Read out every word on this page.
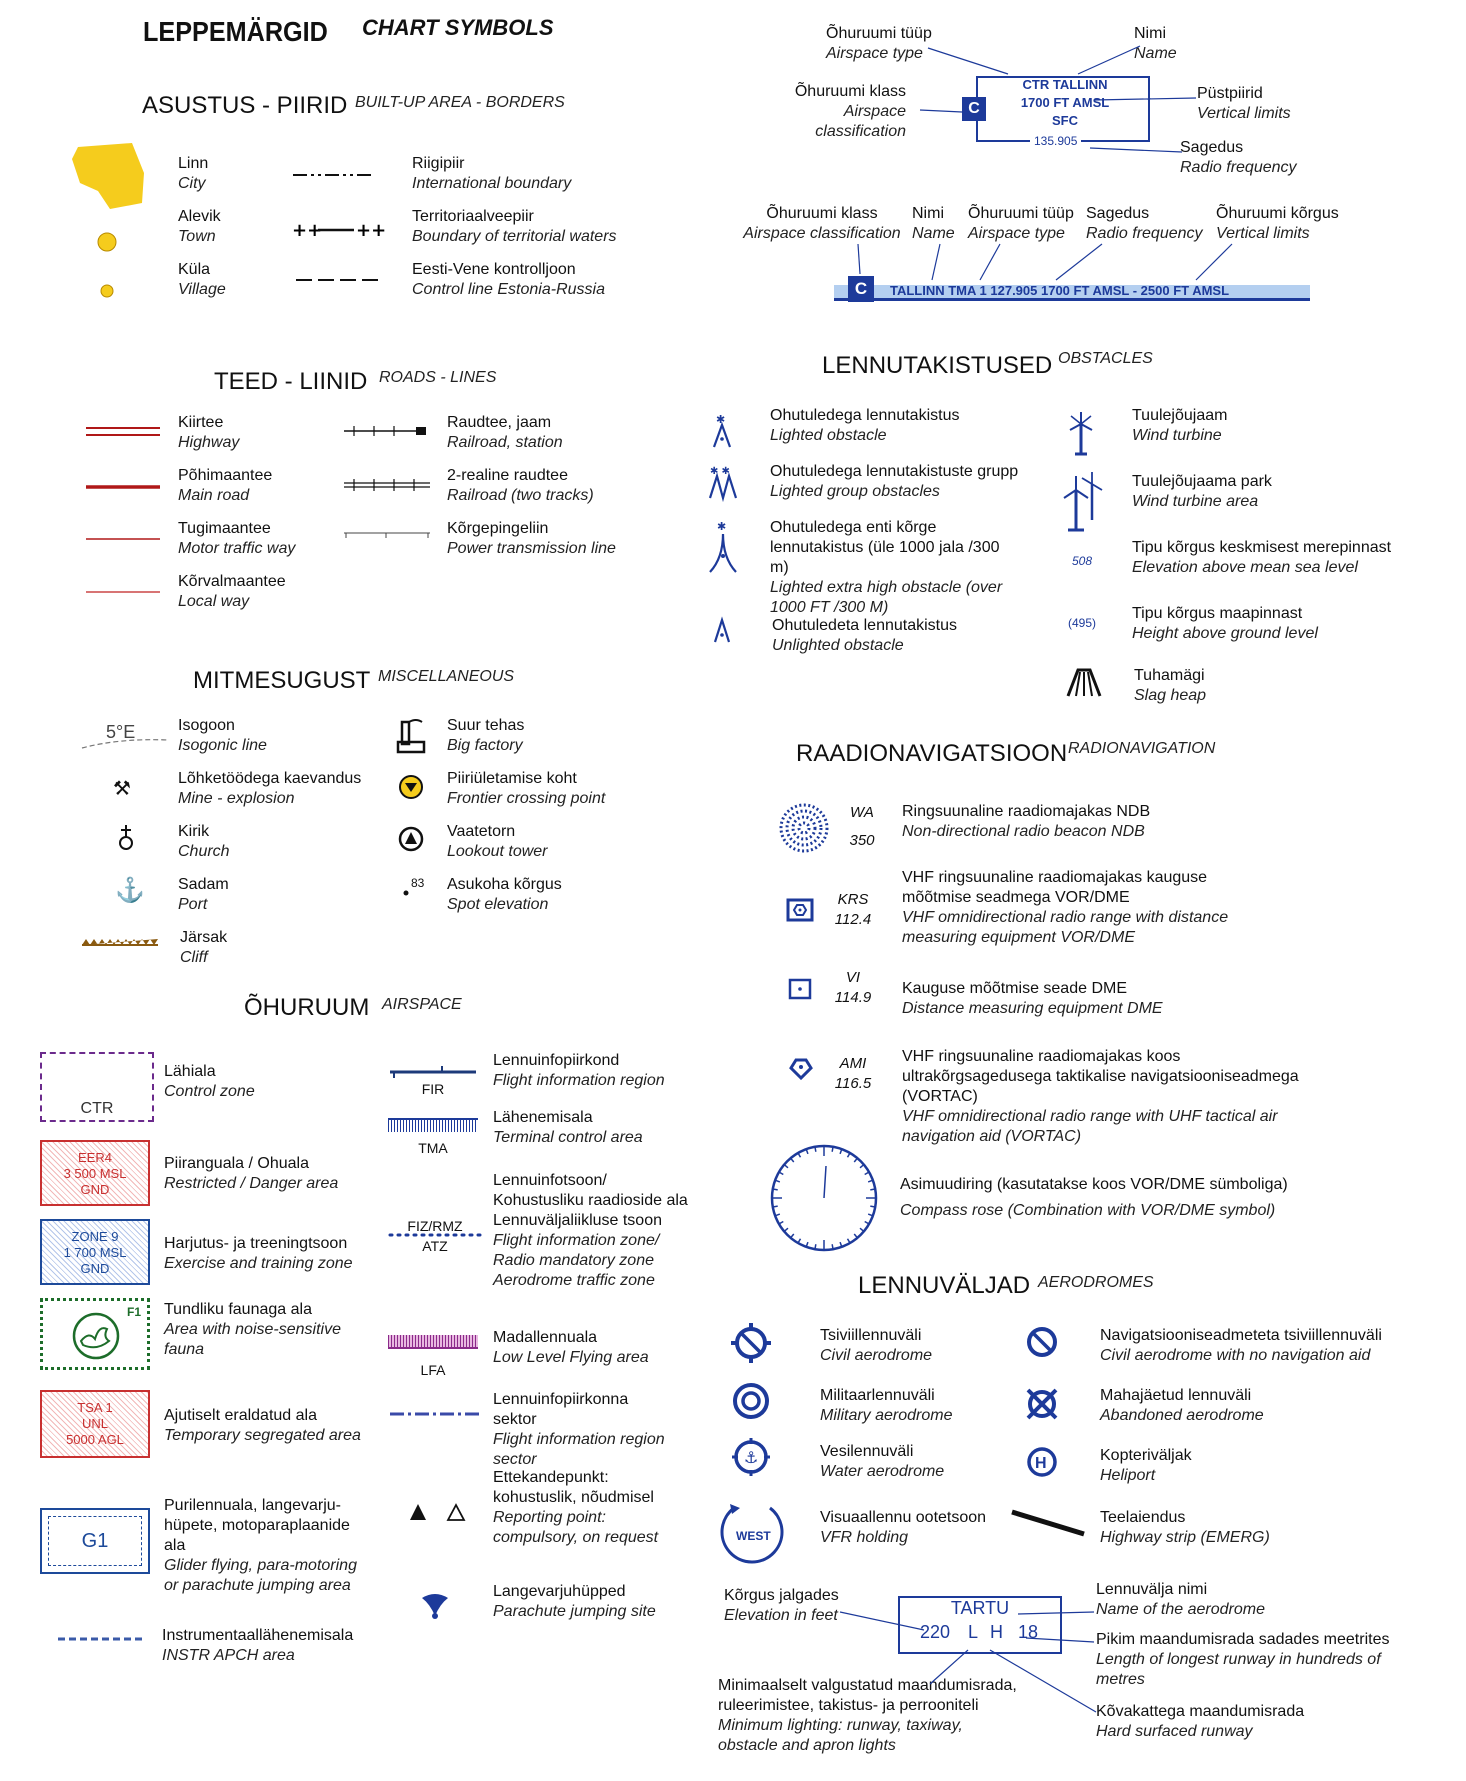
LEPPEMÄRGID CHART SYMBOLS
ASUSTUS - PIIRID BUILT-UP AREA - BORDERS
Linn
City
Alevik
Town
Küla
Village
++ ++
Riigipiir
International boundary
Territoriaalveepiir
Boundary of territorial waters
Eesti-Vene kontrolljoon
Control line Estonia-Russia
TEED - LIINID ROADS - LINES
Kiirtee
Highway
Põhimaantee
Main road
Tugimaantee
Motor traffic way
Kõrvalmaantee
Local way
Raudtee, jaam
Railroad, station
2-realine raudtee
Railroad (two tracks)
Kõrgepingeliin
Power transmission line
MITMESUGUST MISCELLANEOUS
5°E
⚒
⚓
Isogoon
Isogonic line
Lõhketöödega kaevandus
Mine - explosion
Kirik
Church
Sadam
Port
Järsak
Cliff
83
Suur tehas
Big factory
Piiriületamise koht
Frontier crossing point
Vaatetorn
Lookout tower
Asukoha kõrgus
Spot elevation
ÕHURUUM AIRSPACE
CTR
EER4
3 500 MSL
GND
ZONE 9
1 700 MSL
GND
F1
TSA 1
UNL
5000 AGL
G1
Lähiala
Control zone
Piiranguala / Ohuala
Restricted / Danger area
Harjutus- ja treeningtsoon
Exercise and training zone
Tundliku faunaga ala
Area with noise-sensitive fauna
Ajutiselt eraldatud ala
Temporary segregated area
Purilennuala, langevarju-hüpete, motoparaplaanide ala
Glider flying, para-motoring or parachute jumping area
Instrumentaallähenemisala
INSTR APCH area
FIR
TMA
FIZ/RMZ
ATZ
LFA
Lennuinfopiirkond
Flight information region
Lähenemisala
Terminal control area
Lennuinfotsoon/ Kohustusliku raadioside ala Lennuväljaliikluse tsoon
Flight information zone/ Radio mandatory zone Aerodrome traffic zone
Madallennuala
Low Level Flying area
Lennuinfopiirkonna sektor
Flight information region sector
Ettekandepunkt: kohustuslik, nõudmisel
Reporting point: compulsory, on request
Langevarjuhüpped
Parachute jumping site
Õhuruumi tüüp
Airspace type
Nimi
Name
Õhuruumi klass
Airspace classification
Püstpiirid
Vertical limits
Sagedus
Radio frequency
C
CTR TALLINN
1700 FT AMSL
SFC
135.905
Õhuruumi klass
Airspace classification
Nimi
Name
Õhuruumi tüüp
Airspace type
Sagedus
Radio frequency
Õhuruumi kõrgus
Vertical limits
C	TALLINN TMA 1 127.905 1700 FT AMSL - 2500 FT AMSL
LENNUTAKISTUSED OBSTACLES
✱
✱ ✱
✱
Ohutuledega lennutakistus
Lighted obstacle
Ohutuledega lennutakistuste grupp
Lighted group obstacles
Ohutuledega enti kõrge lennutakistus (üle 1000 jala /300 m)
Lighted extra high obstacle (over 1000 FT /300 M)
Ohutuledeta lennutakistus
Unlighted obstacle
508
(495)
Tuulejõujaam
Wind turbine
Tuulejõujaama park
Wind turbine area
Tipu kõrgus keskmisest merepinnast
Elevation above mean sea level
Tipu kõrgus maapinnast
Height above ground level
Tuhamägi
Slag heap
RAADIONAVIGATSIOON RADIONAVIGATION
WA
350
KRS
112.4
VI
114.9
AMI
116.5
Ringsuunaline raadiomajakas NDB
Non-directional radio beacon NDB
VHF ringsuunaline raadiomajakas kauguse mõõtmise seadmega VOR/DME
VHF omnidirectional radio range with distance measuring equipment VOR/DME
Kauguse mõõtmise seade DME
Distance measuring equipment DME
VHF ringsuunaline raadiomajakas koos ultrakõrgsagedusega taktikalise navigatsiooniseadmega (VORTAC)
VHF omnidirectional radio range with UHF tactical air navigation aid (VORTAC)
Asimuudiring (kasutatakse koos VOR/DME sümboliga)
Compass rose (Combination with VOR/DME symbol)
LENNUVÄLJAD AERODROMES
⚓
WEST
Tsiviillennuväli
Civil aerodrome
Militaarlennuväli
Military aerodrome
Vesilennuväli
Water aerodrome
Visuaallennu ootetsoon
VFR holding
H
Navigatsiooniseadmeteta tsiviillennuväli
Civil aerodrome with no navigation aid
Mahajäetud lennuväli
Abandoned aerodrome
Kopteriväljak
Heliport
Teelaiendus
Highway strip (EMERG)
Kõrgus jalgades
Elevation in feet
Lennuvälja nimi
Name of the aerodrome
Pikim maandumisrada sadades meetrites
Length of longest runway in hundreds of metres
Kõvakattega maandumisrada
Hard surfaced runway
Minimaalselt valgustatud maandumisrada, ruleerimistee, takistus- ja perrooniteli
Minimum lighting: runway, taxiway, obstacle and apron lights
TARTU
220 L H 18
